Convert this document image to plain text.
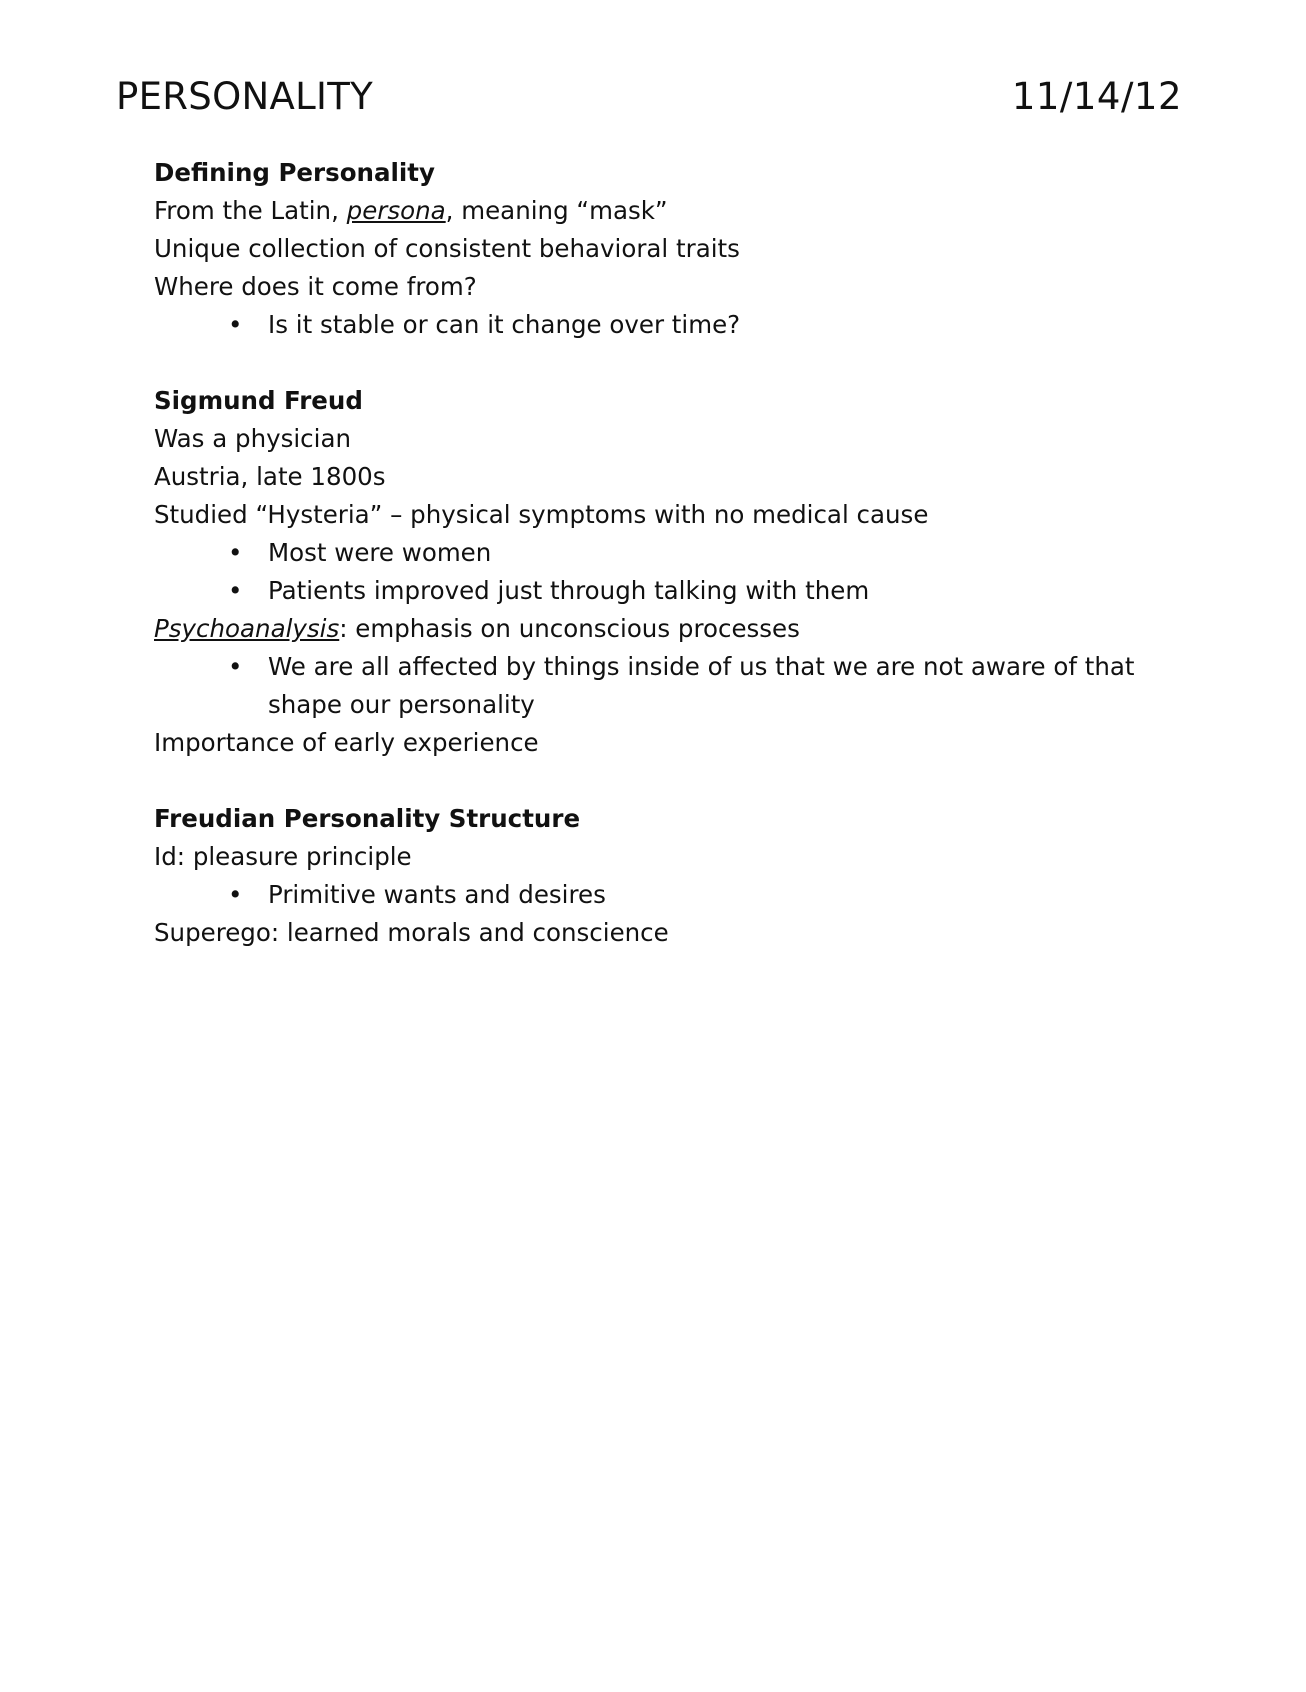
PERSONALITY	11/14/12
Defining Personality
From the Latin, persona, meaning “mask”
Unique collection of consistent behavioral traits
Where does it come from?
• Is it stable or can it change over time?
Sigmund Freud
Was a physician
Austria, late 1800s
Studied “Hysteria” – physical symptoms with no medical cause
• Most were women
• Patients improved just through talking with them
Psychoanalysis: emphasis on unconscious processes
• We are all affected by things inside of us that we are not aware of that shape our personality
Importance of early experience
Freudian Personality Structure
Id: pleasure principle
• Primitive wants and desires
Superego: learned morals and conscience
